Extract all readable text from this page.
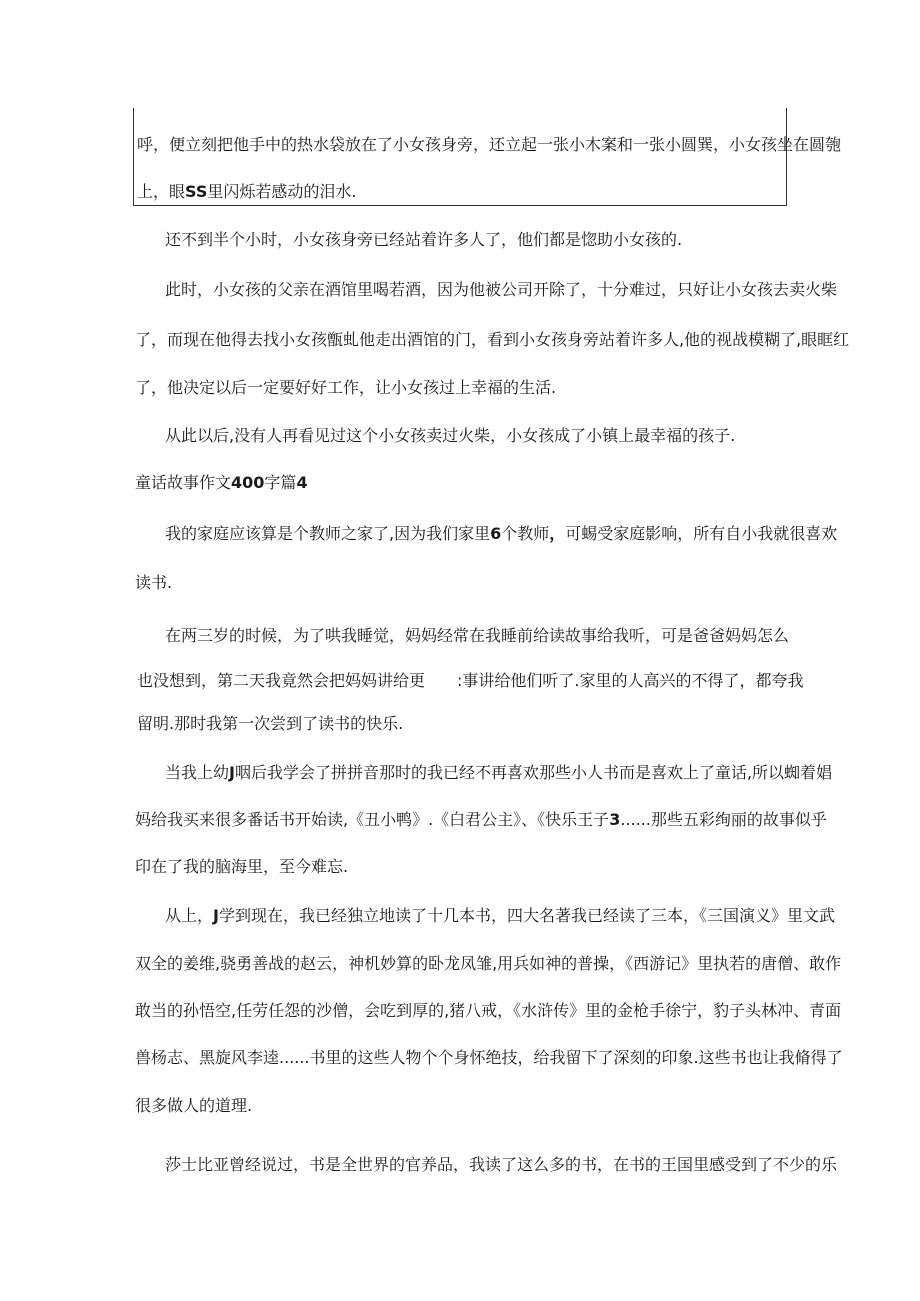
呼，便立刻把他手中的热水袋放在了小女孩身旁，还立起一张小木案和一张小圆巽，小女孩坐在圆匏
上，眼SS里闪烁若感动的泪水.
还不到半个小时，小女孩身旁已经站着许多人了，他们都是惚助小女孩的.
此时，小女孩的父亲在酒馆里喝若酒，因为他被公司开除了，十分难过，只好让小女孩去卖火柴
了，而现在他得去找小女孩甑虬他走出酒馆的门，看到小女孩身旁站着许多人,他的视战模糊了,眼眶红
了，他决定以后一定要好好工作，让小女孩过上幸福的生活.
从此以后,没有人再看见过这个小女孩卖过火柴，小女孩成了小镇上最幸福的孩子.
童话故事作文400字篇4
我的家庭应该算是个教师之家了,因为我们家里6个教师，可蜴受家庭影响，所有自小我就很喜欢
读书.
在两三岁的时候，为了哄我睡觉，妈妈经常在我睡前给读故事给我听，可是爸爸妈妈怎么
也没想到，第二天我竟然会把妈妈讲给更 :事讲给他们听了.家里的人高兴的不得了，都夸我
留明.那时我第一次尝到了读书的快乐.
当我上幼J咽后我学会了拼拼音那时的我已经不再喜欢那些小人书而是喜欢上了童话,所以蜘着娼
妈给我买来很多番话书开始读,《丑小鸭》.《白君公主》、《快乐王子3......那些五彩绚丽的故事似乎
印在了我的脑海里，至今难忘.
从上，J学到现在，我已经独立地读了十几本书，四大名著我已经读了三本，《三国演义》里文武
双全的姜维,骁勇善战的赵云，神机妙算的卧龙凤雏,用兵如神的普操，《西游记》里执若的唐僧、敢作
敢当的孙悟空,任劳任怨的沙僧，会吃到厚的,猪八戒，《水浒传》里的金枪手徐宁，豹子头林冲、青面
兽杨志、黑旋风李逵......书里的这些人物个个身怀绝技，给我留下了深刻的印象.这些书也让我脩得了
很多做人的道理.
莎士比亚曾经说过，书是全世界的官养品，我读了这么多的书，在书的王国里感受到了不少的乐
